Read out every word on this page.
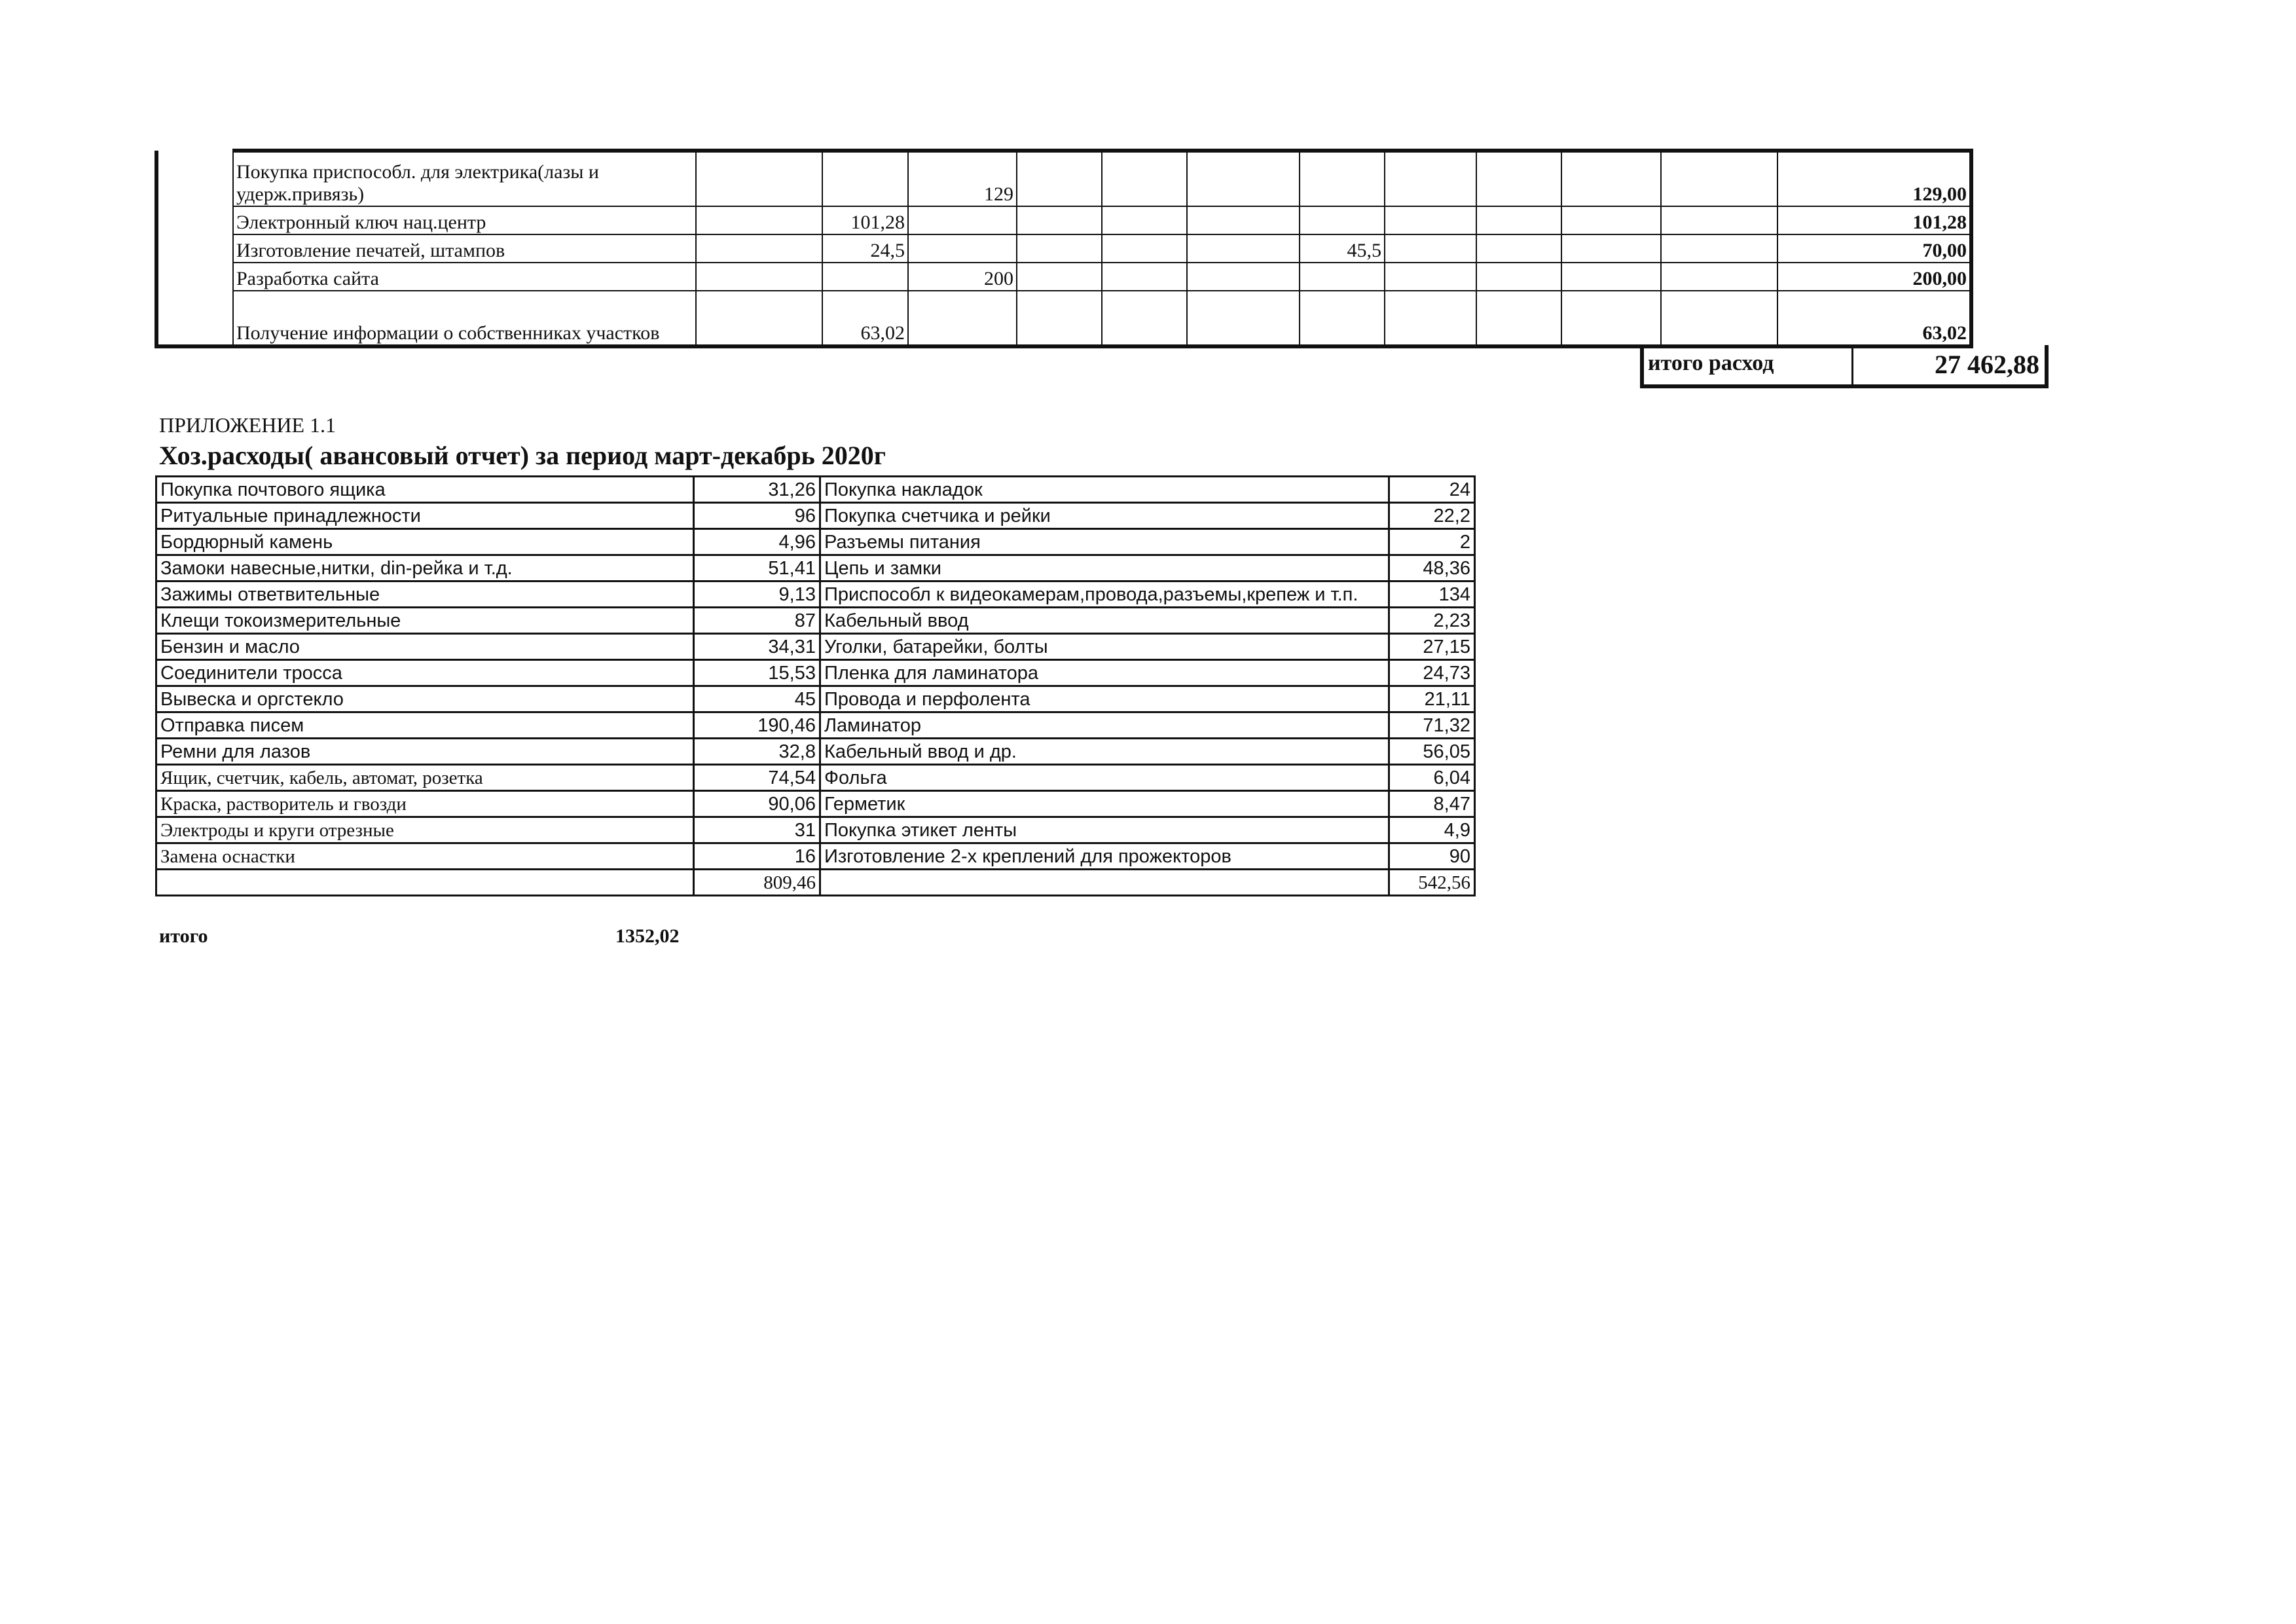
	Покупка приспособл. для электрика(лазы и удерж.привязь)			129									129,00
	Электронный ключ нац.центр		101,28										101,28
	Изготовление печатей, штампов		24,5					45,5					70,00
	Разработка сайта			200									200,00
	Получение информации о собственниках участков		63,02										63,02
итого расход	27 462,88
ПРИЛОЖЕНИЕ 1.1
Хоз.расходы( авансовый отчет) за период март-декабрь 2020г
Покупка почтового ящика	31,26	Покупка накладок	24
Ритуальные принадлежности	96	Покупка счетчика и рейки	22,2
Бордюрный камень	4,96	Разъемы питания	2
Замоки навесные,нитки, din-рейка и т.д.	51,41	Цепь и замки	48,36
Зажимы ответвительные	9,13	Приспособл к видеокамерам,провода,разъемы,крепеж и т.п.	134
Клещи токоизмерительные	87	Кабельный ввод	2,23
Бензин и масло	34,31	Уголки, батарейки, болты	27,15
Соединители тросса	15,53	Пленка для ламинатора	24,73
Вывеска и оргстекло	45	Провода и перфолента	21,11
Отправка писем	190,46	Ламинатор	71,32
Ремни для лазов	32,8	Кабельный ввод и др.	56,05
Ящик, счетчик, кабель, автомат, розетка	74,54	Фольга	6,04
Краска, растворитель и гвозди	90,06	Герметик	8,47
Электроды и круги отрезные	31	Покупка этикет ленты	4,9
Замена оснастки	16	Изготовление 2-х креплений для прожекторов	90
	809,46		542,56
итого	1352,02
